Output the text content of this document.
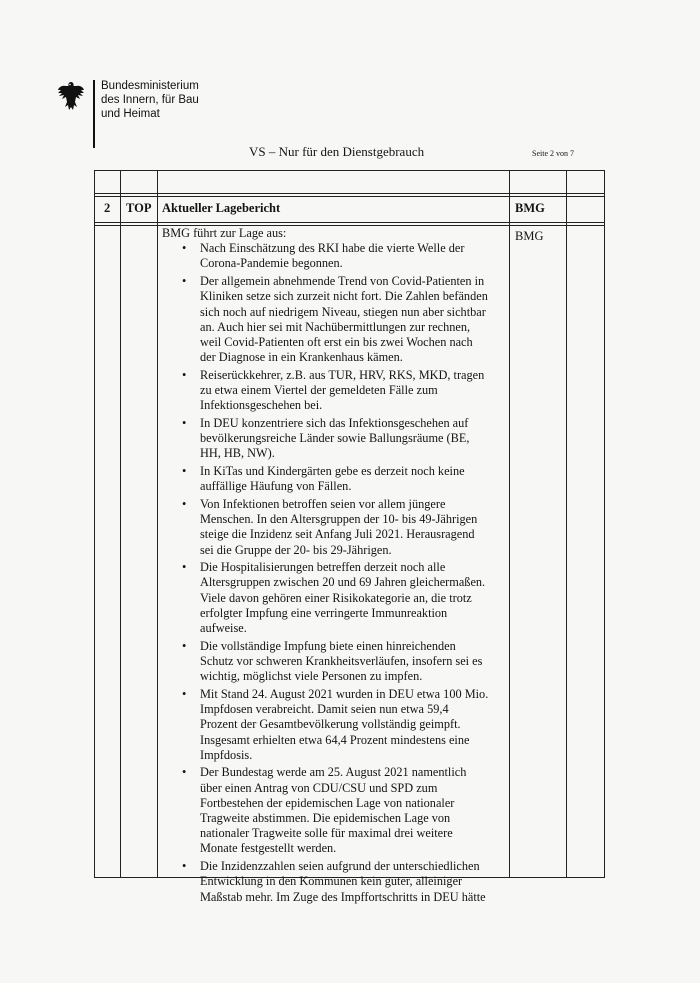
Bundesministerium
des Innern, für Bau
und Heimat
VS – Nur für den Dienstgebrauch	Seite 2 von 7
2 TOP Aktueller Lagebericht	BMG
BMG
BMG führt zur Lage aus:
• Nach Einschätzung des RKI habe die vierte Welle der
Corona-Pandemie begonnen.
• Der allgemein abnehmende Trend von Covid-Patienten in
Kliniken setze sich zurzeit nicht fort. Die Zahlen befänden
sich noch auf niedrigem Niveau, stiegen nun aber sichtbar
an. Auch hier sei mit Nachübermittlungen zur rechnen,
weil Covid-Patienten oft erst ein bis zwei Wochen nach
der Diagnose in ein Krankenhaus kämen.
• Reiserückkehrer, z.B. aus TUR, HRV, RKS, MKD, tragen
zu etwa einem Viertel der gemeldeten Fälle zum
Infektionsgeschehen bei.
• In DEU konzentriere sich das Infektionsgeschehen auf
bevölkerungsreiche Länder sowie Ballungsräume (BE,
HH, HB, NW).
• In KiTas und Kindergärten gebe es derzeit noch keine
auffällige Häufung von Fällen.
• Von Infektionen betroffen seien vor allem jüngere
Menschen. In den Altersgruppen der 10- bis 49-Jährigen
steige die Inzidenz seit Anfang Juli 2021. Herausragend
sei die Gruppe der 20- bis 29-Jährigen.
• Die Hospitalisierungen betreffen derzeit noch alle
Altersgruppen zwischen 20 und 69 Jahren gleichermaßen.
Viele davon gehören einer Risikokategorie an, die trotz
erfolgter Impfung eine verringerte Immunreaktion
aufweise.
• Die vollständige Impfung biete einen hinreichenden
Schutz vor schweren Krankheitsverläufen, insofern sei es
wichtig, möglichst viele Personen zu impfen.
• Mit Stand 24. August 2021 wurden in DEU etwa 100 Mio.
Impfdosen verabreicht. Damit seien nun etwa 59,4
Prozent der Gesamtbevölkerung vollständig geimpft.
Insgesamt erhielten etwa 64,4 Prozent mindestens eine
Impfdosis.
• Der Bundestag werde am 25. August 2021 namentlich
über einen Antrag von CDU/CSU und SPD zum
Fortbestehen der epidemischen Lage von nationaler
Tragweite abstimmen. Die epidemischen Lage von
nationaler Tragweite solle für maximal drei weitere
Monate festgestellt werden.
• Die Inzidenzzahlen seien aufgrund der unterschiedlichen
Entwicklung in den Kommunen kein guter, alleiniger
Maßstab mehr. Im Zuge des Impffortschritts in DEU hätte
